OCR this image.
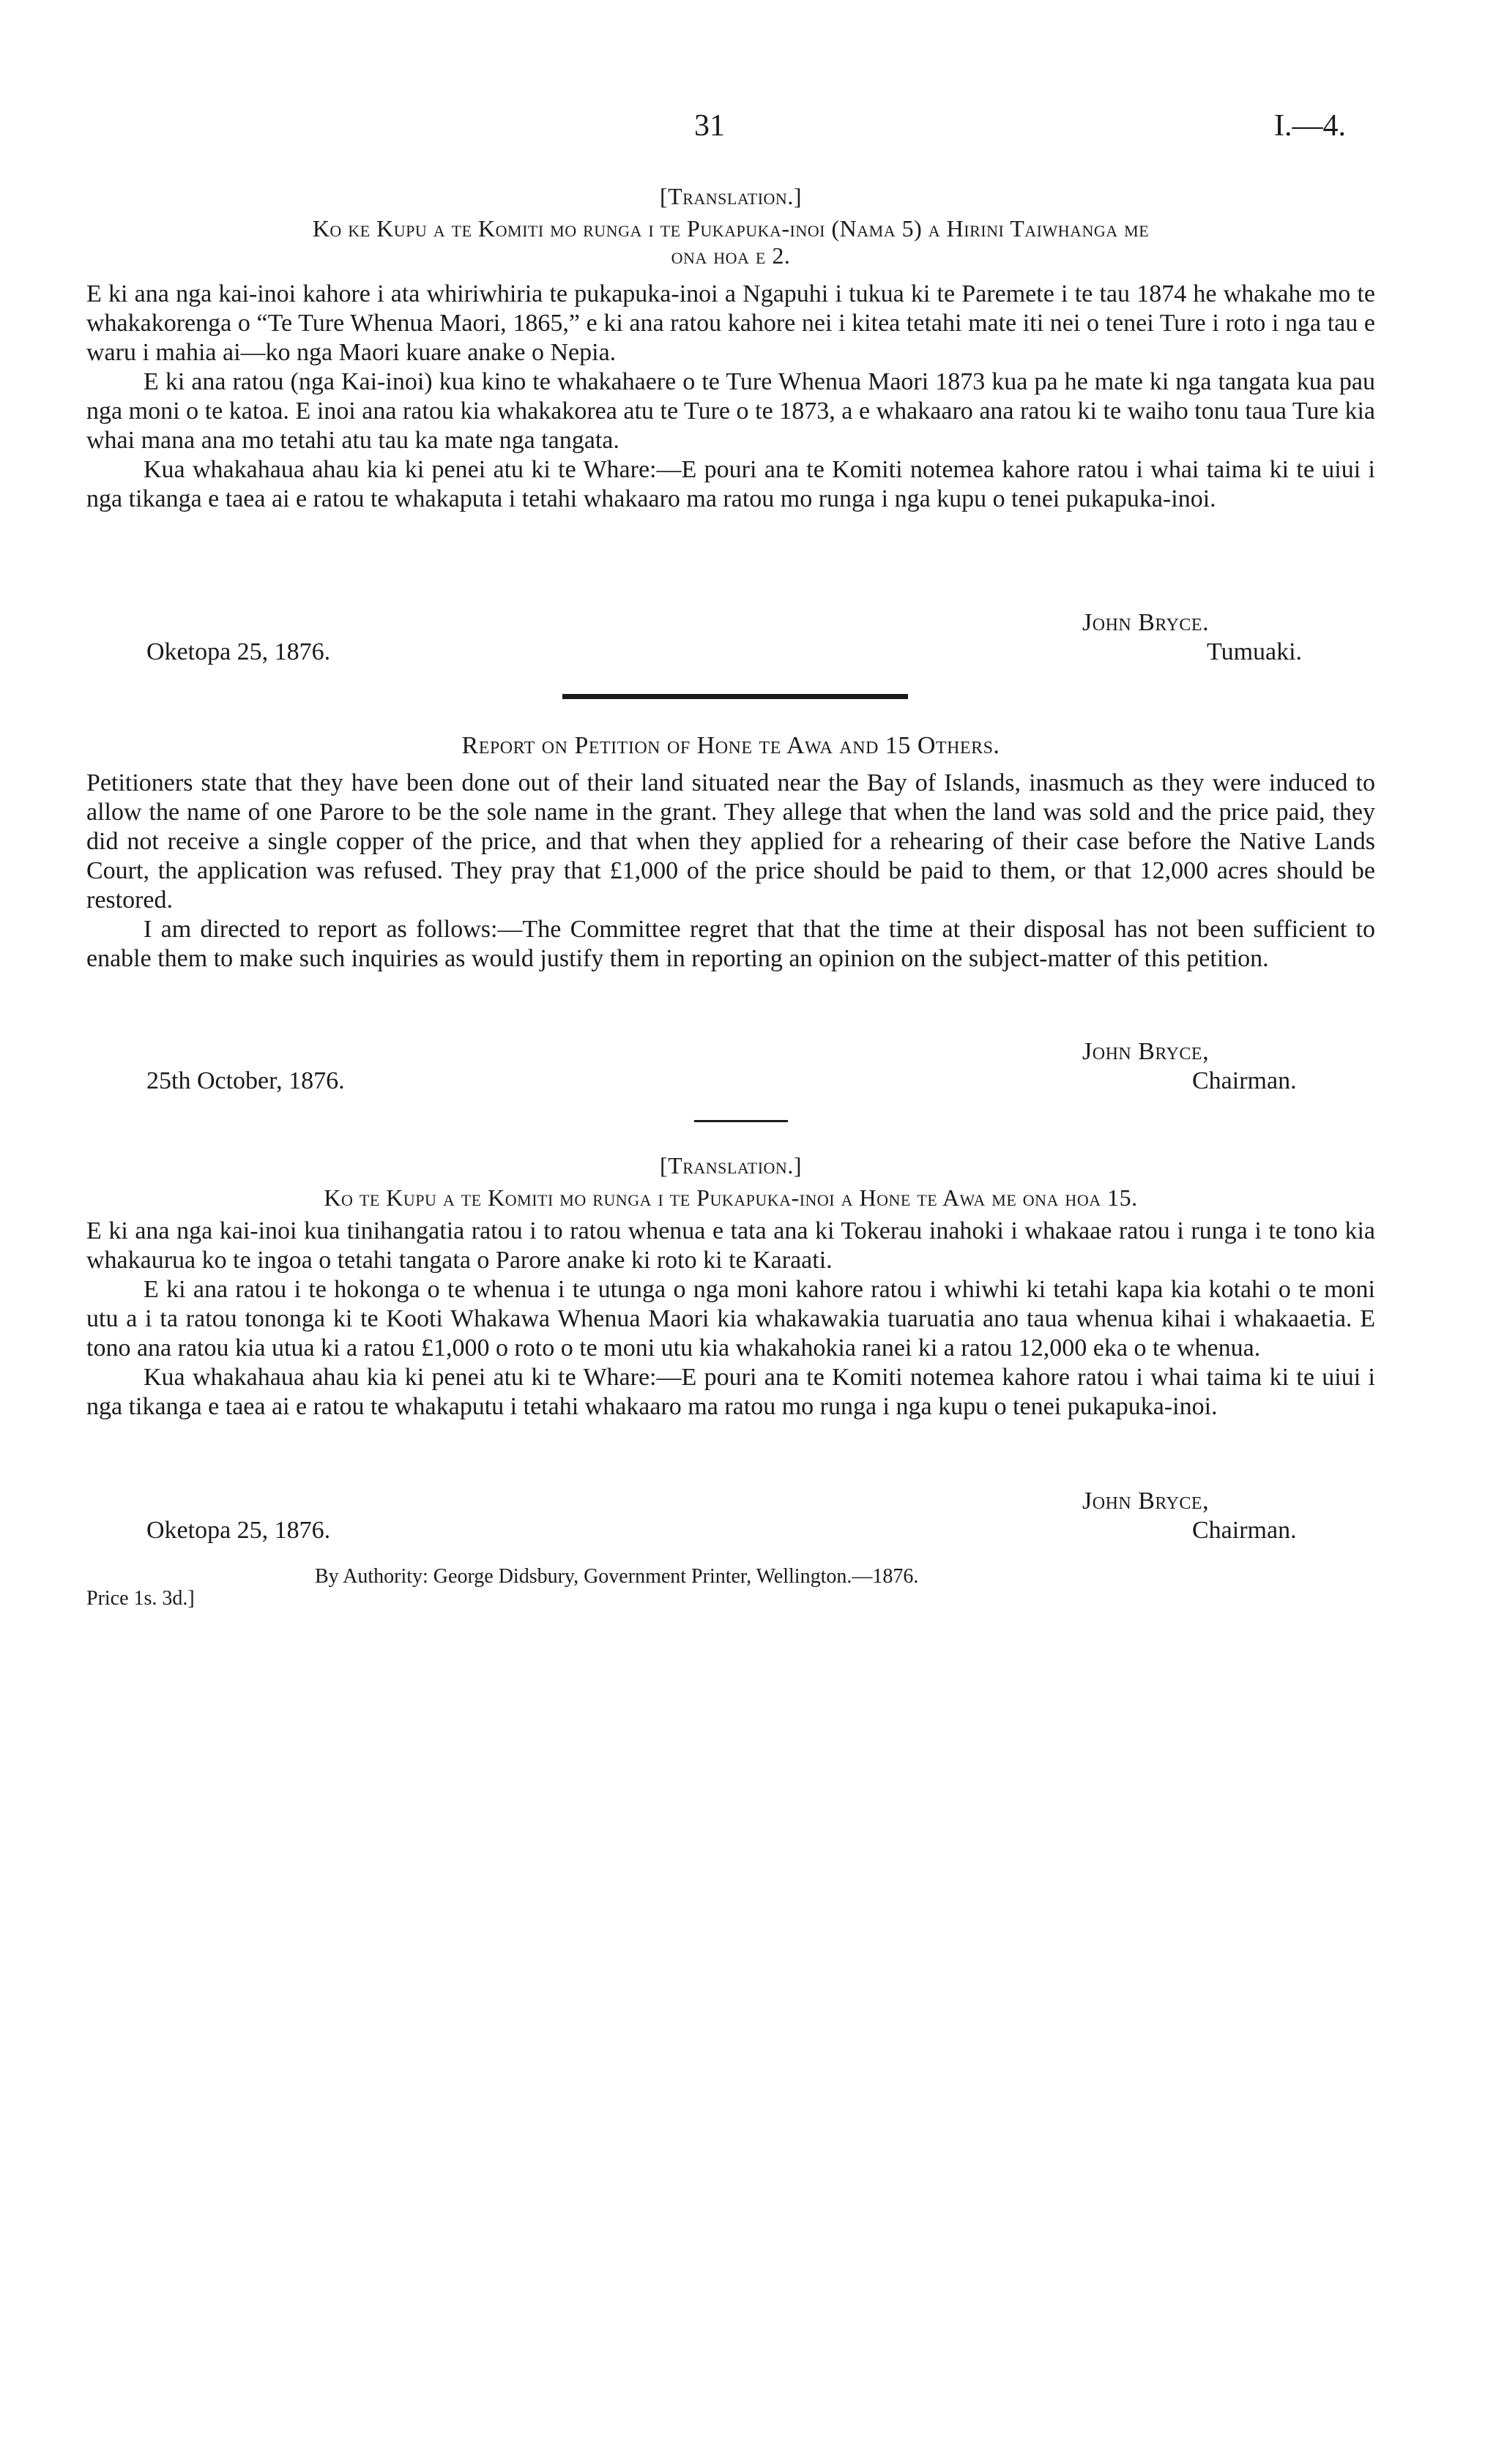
31	I.—4.
[Translation.]
Ko ke Kupu a te Komiti mo runga i te Pukapuka-inoi (Nama 5) a Hirini Taiwhanga me
ona hoa e 2.

E ki ana nga kai-inoi kahore i ata whiriwhiria te pukapuka-inoi a Ngapuhi i tukua ki te Paremete i te tau 1874 he whakahe mo te whakakorenga o “Te Ture Whenua Maori, 1865,” e ki ana ratou kahore nei i kitea tetahi mate iti nei o tenei Ture i roto i nga tau e waru i mahia ai—ko nga Maori kuare anake o Nepia.

E ki ana ratou (nga Kai-inoi) kua kino te whakahaere o te Ture Whenua Maori 1873 kua pa he mate ki nga tangata kua pau nga moni o te katoa. E inoi ana ratou kia whakakorea atu te Ture o te 1873, a e whakaaro ana ratou ki te waiho tonu taua Ture kia whai mana ana mo tetahi atu tau ka mate nga tangata.

Kua whakahaua ahau kia ki penei atu ki te Whare:—E pouri ana te Komiti notemea kahore ratou i whai taima ki te uiui i nga tikanga e taea ai e ratou te whakaputa i tetahi whakaaro ma ratou mo runga i nga kupu o tenei pukapuka-inoi.

John Bryce.
Oketopa 25, 1876.	Tumuaki.
Report on Petition of Hone te Awa and 15 Others.

Petitioners state that they have been done out of their land situated near the Bay of Islands, inasmuch as they were induced to allow the name of one Parore to be the sole name in the grant. They allege that when the land was sold and the price paid, they did not receive a single copper of the price, and that when they applied for a rehearing of their case before the Native Lands Court, the application was refused. They pray that £1,000 of the price should be paid to them, or that 12,000 acres should be restored.

I am directed to report as follows:—The Committee regret that that the time at their disposal has not been sufficient to enable them to make such inquiries as would justify them in reporting an opinion on the subject-matter of this petition.

John Bryce,
25th October, 1876.	Chairman.
[Translation.]
Ko te Kupu a te Komiti mo runga i te Pukapuka-inoi a Hone te Awa me ona hoa 15.

E ki ana nga kai-inoi kua tinihangatia ratou i to ratou whenua e tata ana ki Tokerau inahoki i whakaae ratou i runga i te tono kia whakaurua ko te ingoa o tetahi tangata o Parore anake ki roto ki te Karaati.

E ki ana ratou i te hokonga o te whenua i te utunga o nga moni kahore ratou i whiwhi ki tetahi kapa kia kotahi o te moni utu a i ta ratou tononga ki te Kooti Whakawa Whenua Maori kia whakawakia tuaruatia ano taua whenua kihai i whakaaetia. E tono ana ratou kia utua ki a ratou £1,000 o roto o te moni utu kia whakahokia ranei ki a ratou 12,000 eka o te whenua.

Kua whakahaua ahau kia ki penei atu ki te Whare:—E pouri ana te Komiti notemea kahore ratou i whai taima ki te uiui i nga tikanga e taea ai e ratou te whakaputu i tetahi whakaaro ma ratou mo runga i nga kupu o tenei pukapuka-inoi.

John Bryce,
Oketopa 25, 1876.	Chairman.
By Authority: George Didsbury, Government Printer, Wellington.—1876.
Price 1s. 3d.]
